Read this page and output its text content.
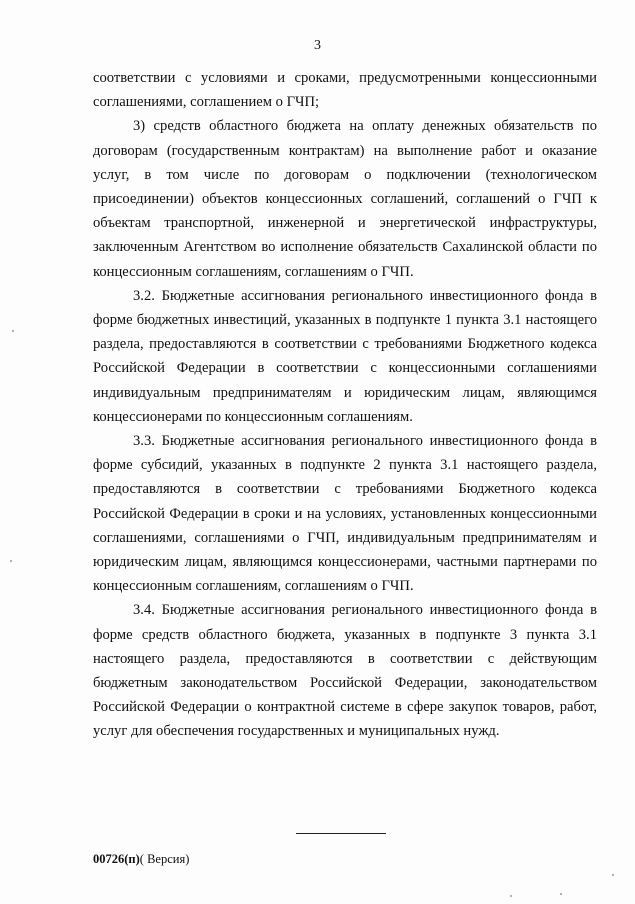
3

соответствии с условиями и сроками, предусмотренными концессионными соглашениями, соглашением о ГЧП;

3) средств областного бюджета на оплату денежных обязательств по договорам (государственным контрактам) на выполнение работ и оказание услуг, в том числе по договорам о подключении (технологическом присоединении) объектов концессионных соглашений, соглашений о ГЧП к объектам транспортной, инженерной и энергетической инфраструктуры, заключенным Агентством во исполнение обязательств Сахалинской области по концессионным соглашениям, соглашениям о ГЧП.

3.2. Бюджетные ассигнования регионального инвестиционного фонда в форме бюджетных инвестиций, указанных в подпункте 1 пункта 3.1 настоящего раздела, предоставляются в соответствии с требованиями Бюджетного кодекса Российской Федерации в соответствии с концессионными соглашениями индивидуальным предпринимателям и юридическим лицам, являющимся концессионерами по концессионным соглашениям.

3.3. Бюджетные ассигнования регионального инвестиционного фонда в форме субсидий, указанных в подпункте 2 пункта 3.1 настоящего раздела, предоставляются в соответствии с требованиями Бюджетного кодекса Российской Федерации в сроки и на условиях, установленных концессионными соглашениями, соглашениями о ГЧП, индивидуальным предпринимателям и юридическим лицам, являющимся концессионерами, частными партнерами по концессионным соглашениям, соглашениям о ГЧП.

3.4. Бюджетные ассигнования регионального инвестиционного фонда в форме средств областного бюджета, указанных в подпункте 3 пункта 3.1 настоящего раздела, предоставляются в соответствии с действующим бюджетным законодательством Российской Федерации, законодательством Российской Федерации о контрактной системе в сфере закупок товаров, работ, услуг для обеспечения государственных и муниципальных нужд.

00726(п)( Версия)
